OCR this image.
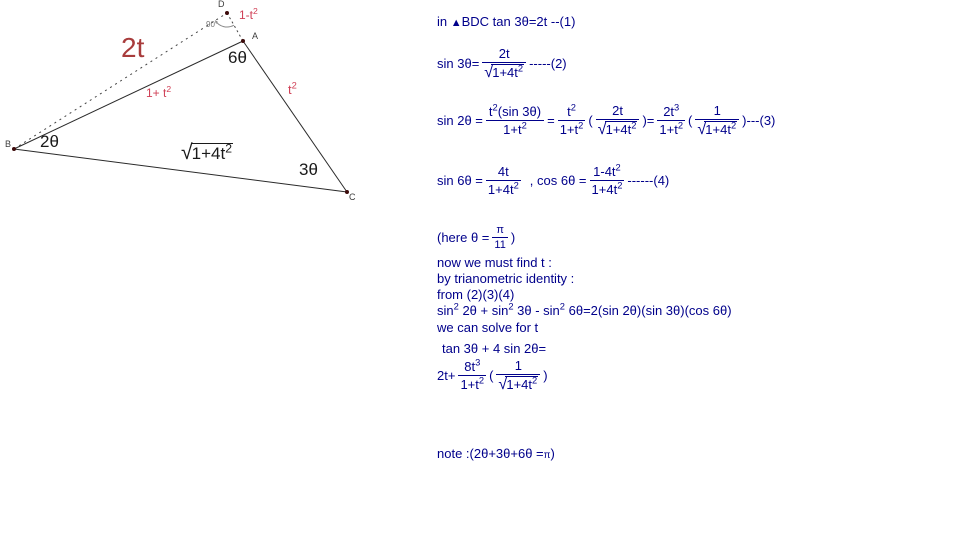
D
A
B
C
90°
2t
$1-t^2$
$1+ t^2$	$t^2$
$√1+4t^2$
2θ
6θ
3θ
in ▲BDC tan 3θ=2t --(1)
$\sin 3\theta= \frac{2t}{√1+4t^2} -----(2)$
$\sin 2\theta = \frac{t^2(\sin 3\theta)}{1+t^2} = \frac{t^2}{1+t^2}$ ( $\frac{2t}{√1+4t^2}$ )= $\frac{2t^3}{1+t^2}$ ( $\frac{1}{√1+4t^2} )---(3)$
$\sin 6\theta = \frac{4t}{1+4t^2}$ , $\cos 6\theta = \frac{1-4t^2}{1+4t^2} ------(4)$
(here $\theta = \frac{\pi}{11}$ )
now we must find t :
by trianometric identity :
from (2)(3)(4)
$\sin^2 2\theta + \sin^2 3\theta - \sin^2 6\theta=2(\sin$ 2θ)(sin 3θ)(cos 6θ)
we can solve for t
tan 3θ + 4 sin 2θ=
$2t+ \frac{8t^3}{1+t^2}$ ( $\frac{1}{√1+4t^2}$ )
note :(2θ+3θ+6θ =π)
